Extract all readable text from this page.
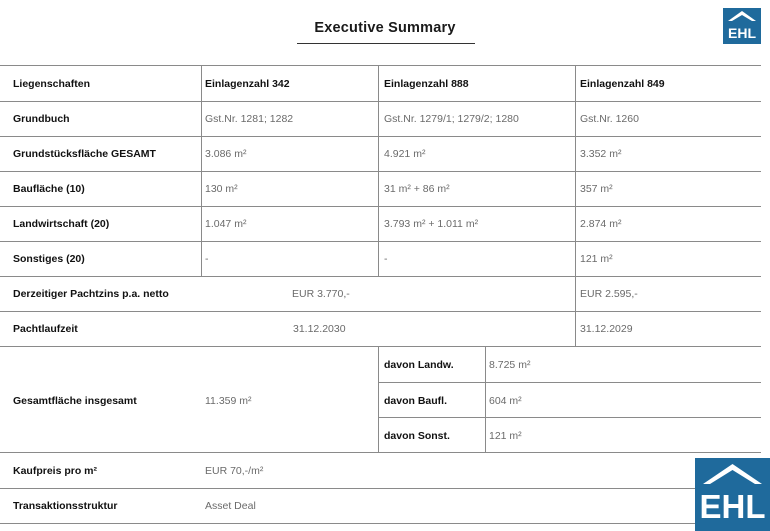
Executive Summary	EHL
Liegenschaften	Einlagenzahl 342	Einlagenzahl 888	Einlagenzahl 849
Grundbuch	Gst.Nr. 1281; 1282	Gst.Nr. 1279/1; 1279/2; 1280	Gst.Nr. 1260
Grundstücksfläche GESAMT	3.086 m²	4.921 m²	3.352 m²
Baufläche (10)	130 m²	31 m² + 86 m²	357 m²
Landwirtschaft (20)	1.047 m²	3.793 m² + 1.011 m²	2.874 m²
Sonstiges (20)	-	-	121 m²
Derzeitiger Pachtzins p.a. netto	EUR 3.770,-	EUR 2.595,-
Pachtlaufzeit	31.12.2030	31.12.2029
Gesamtfläche insgesamt	11.359 m²
davon Landw.	8.725 m²
davon Baufl.	604 m²
davon Sonst.	121 m²
Kaufpreis pro m²	EUR 70,-/m²
Transaktionsstruktur	Asset Deal	EHL
